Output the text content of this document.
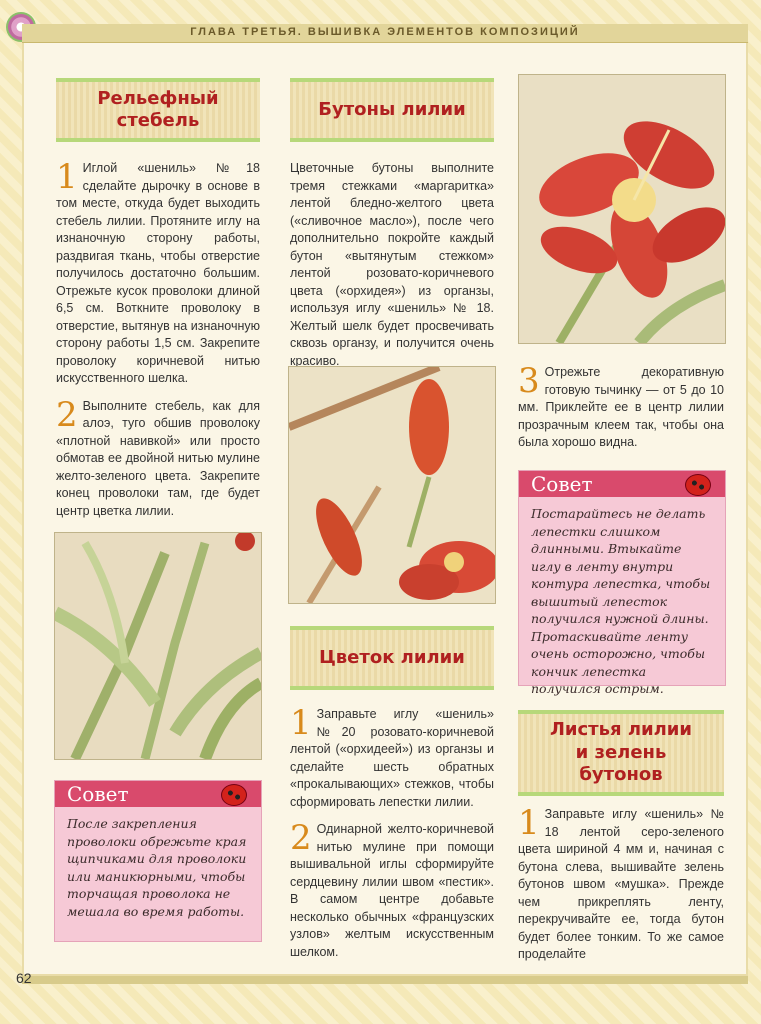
ГЛАВА ТРЕТЬЯ. ВЫШИВКА ЭЛЕМЕНТОВ КОМПОЗИЦИЙ
Рельефный стебель

1 Иглой «шениль» №18 сделайте дырочку в основе в том месте, откуда будет выходить стебель лилии. Протяните иглу на изнаночную сторону работы, раздвигая ткань, чтобы отверстие получилось достаточно большим. Отрежьте кусок проволоки длиной 6,5 см. Воткните проволоку в отверстие, вытянув на изнаночную сторону работы 1,5 см. Закрепите проволоку коричневой нитью искусственного шелка.

2 Выполните стебель, как для алоэ, туго обшив проволоку «плотной навивкой» или просто обмотав ее двойной нитью мулине желто-зеленого цвета. Закрепите конец проволоки там, где будет центр цветка лилии.

Совет
После закрепления проволоки обрежьте края щипчиками для проволоки или маникюрными, чтобы торчащая проволока не мешала во время работы.
Бутоны лилии

Цветочные бутоны выполните тремя стежками «маргаритка» лентой бледно-желтого цвета («сливочное масло»), после чего дополнительно покройте каждый бутон «вытянутым стежком» лентой розовато-коричневого цвета («орхидея») из органзы, используя иглу «шениль» № 18. Желтый шелк будет просвечивать сквозь органзу, и получится очень красиво.

Цветок лилии

1 Заправьте иглу «шениль» №20 розовато-коричневой лентой («орхидеей») из органзы и сделайте шесть обратных «прокалывающих» стежков, чтобы сформировать лепестки лилии.

2 Одинарной желто-коричневой нитью мулине при помощи вышивальной иглы сформируйте сердцевину лилии швом «пестик». В самом центре добавьте несколько обычных «французских узлов» желтым искусственным шелком.

3 Отрежьте декоративную готовую тычинку — от 5 до 10 мм. Приклейте ее в центр лилии прозрачным клеем так, чтобы она была хорошо видна.

Совет
Постарайтесь не делать лепестки слишком длинными. Втыкайте иглу в ленту внутри контура лепестка, чтобы вышитый лепесток получился нужной длины. Протаскивайте ленту очень осторожно, чтобы кончик лепестка получился острым.
Листья лилии и зелень бутонов

1 Заправьте иглу «шениль» № 18 лентой серо-зеленого цвета шириной 4 мм и, начиная с бутона слева, вышивайте зелень бутонов швом «мушка». Прежде чем прикреплять ленту, перекручивайте ее, тогда бутон будет более тонким. То же самое проделайте

62
